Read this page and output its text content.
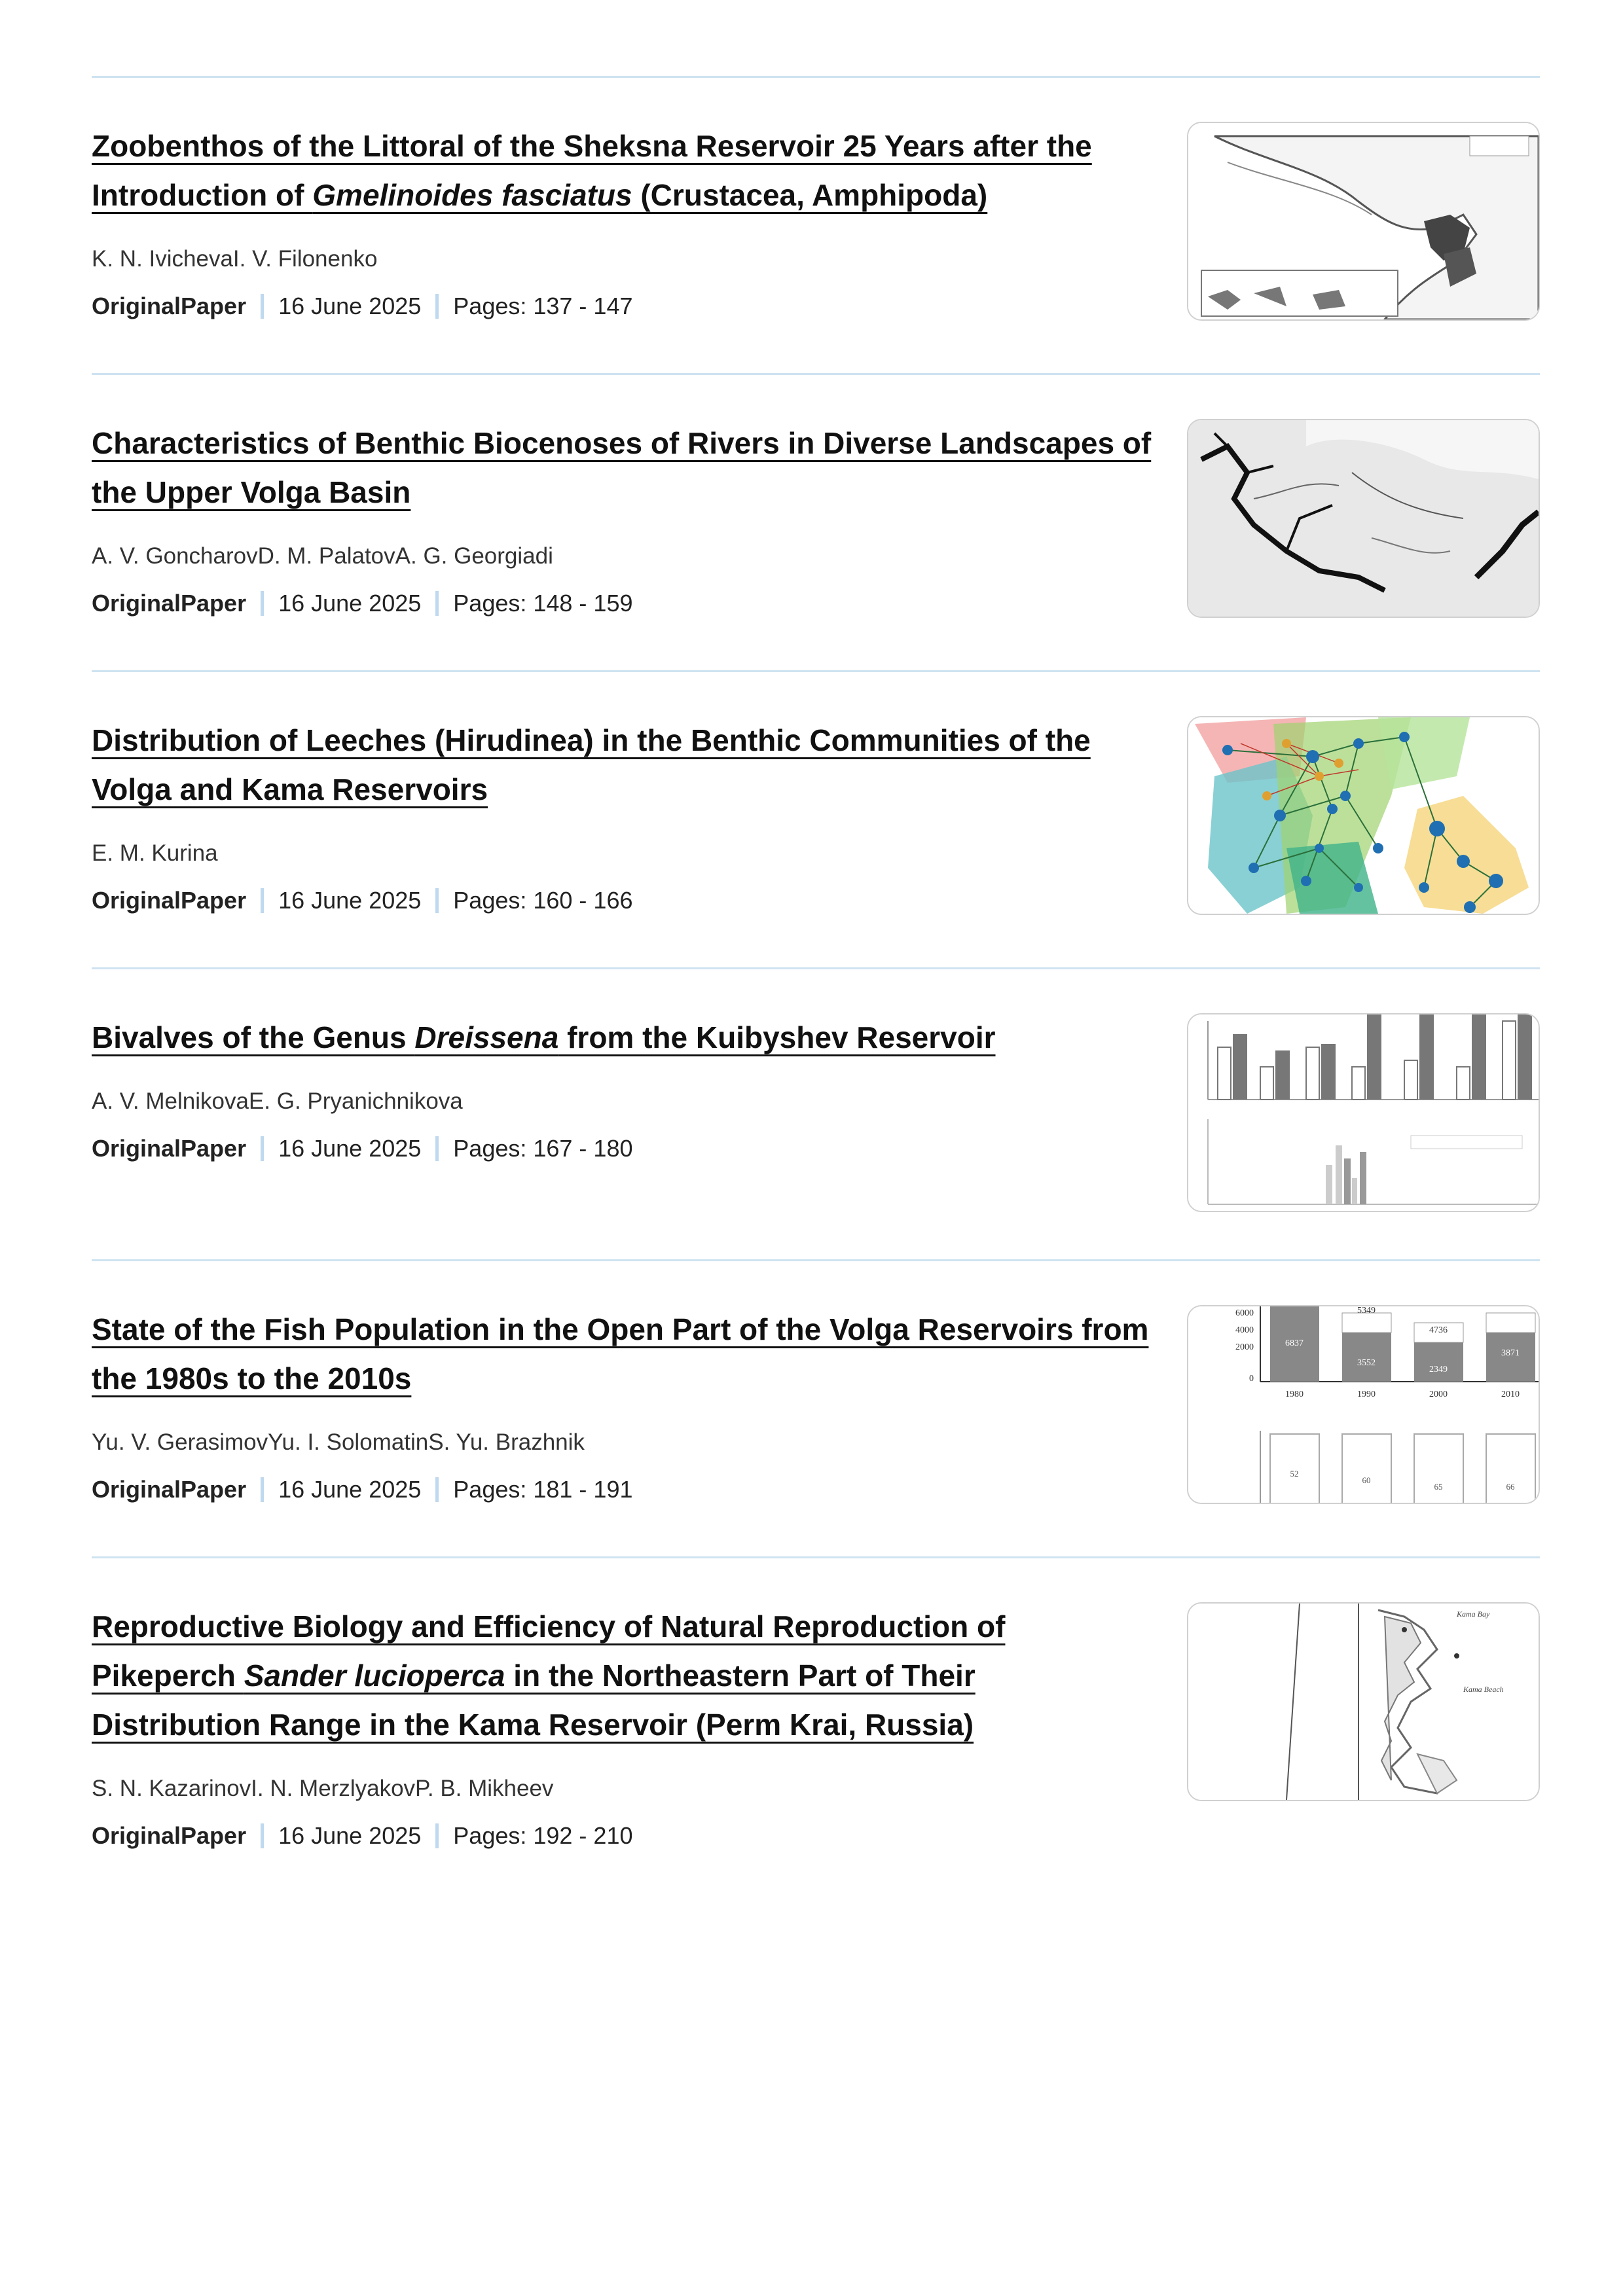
Zoobenthos of the Littoral of the Sheksna Reservoir 25 Years after the Introduction of Gmelinoides fasciatus (Crustacea, Amphipoda)
K. N. IvichevaI. V. Filonenko
OriginalPaper 16 June 2025 Pages: 137 - 147
Characteristics of Benthic Biocenoses of Rivers in Diverse Landscapes of the Upper Volga Basin
A. V. GoncharovD. M. PalatovA. G. Georgiadi
OriginalPaper 16 June 2025 Pages: 148 - 159
Distribution of Leeches (Hirudinea) in the Benthic Communities of the Volga and Kama Reservoirs
E. M. Kurina
OriginalPaper 16 June 2025 Pages: 160 - 166
Bivalves of the Genus Dreissena from the Kuibyshev Reservoir
A. V. MelnikovaE. G. Pryanichnikova
OriginalPaper 16 June 2025 Pages: 167 - 180
State of the Fish Population in the Open Part of the Volga Reservoirs from the 1980s to the 2010s
Yu. V. GerasimovYu. I. SolomatinS. Yu. Brazhnik
OriginalPaper 16 June 2025 Pages: 181 - 191
6000
4000
2000
0
6837
5349
3552
4736
2349
3871
1980	1990	2000	2010
52
60
65	66
Reproductive Biology and Efficiency of Natural Reproduction of Pikeperch Sander lucioperca in the Northeastern Part of Their Distribution Range in the Kama Reservoir (Perm Krai, Russia)
S. N. KazarinovI. N. MerzlyakovP. B. Mikheev
OriginalPaper 16 June 2025 Pages: 192 - 210
Kama Bay
Kama Beach
